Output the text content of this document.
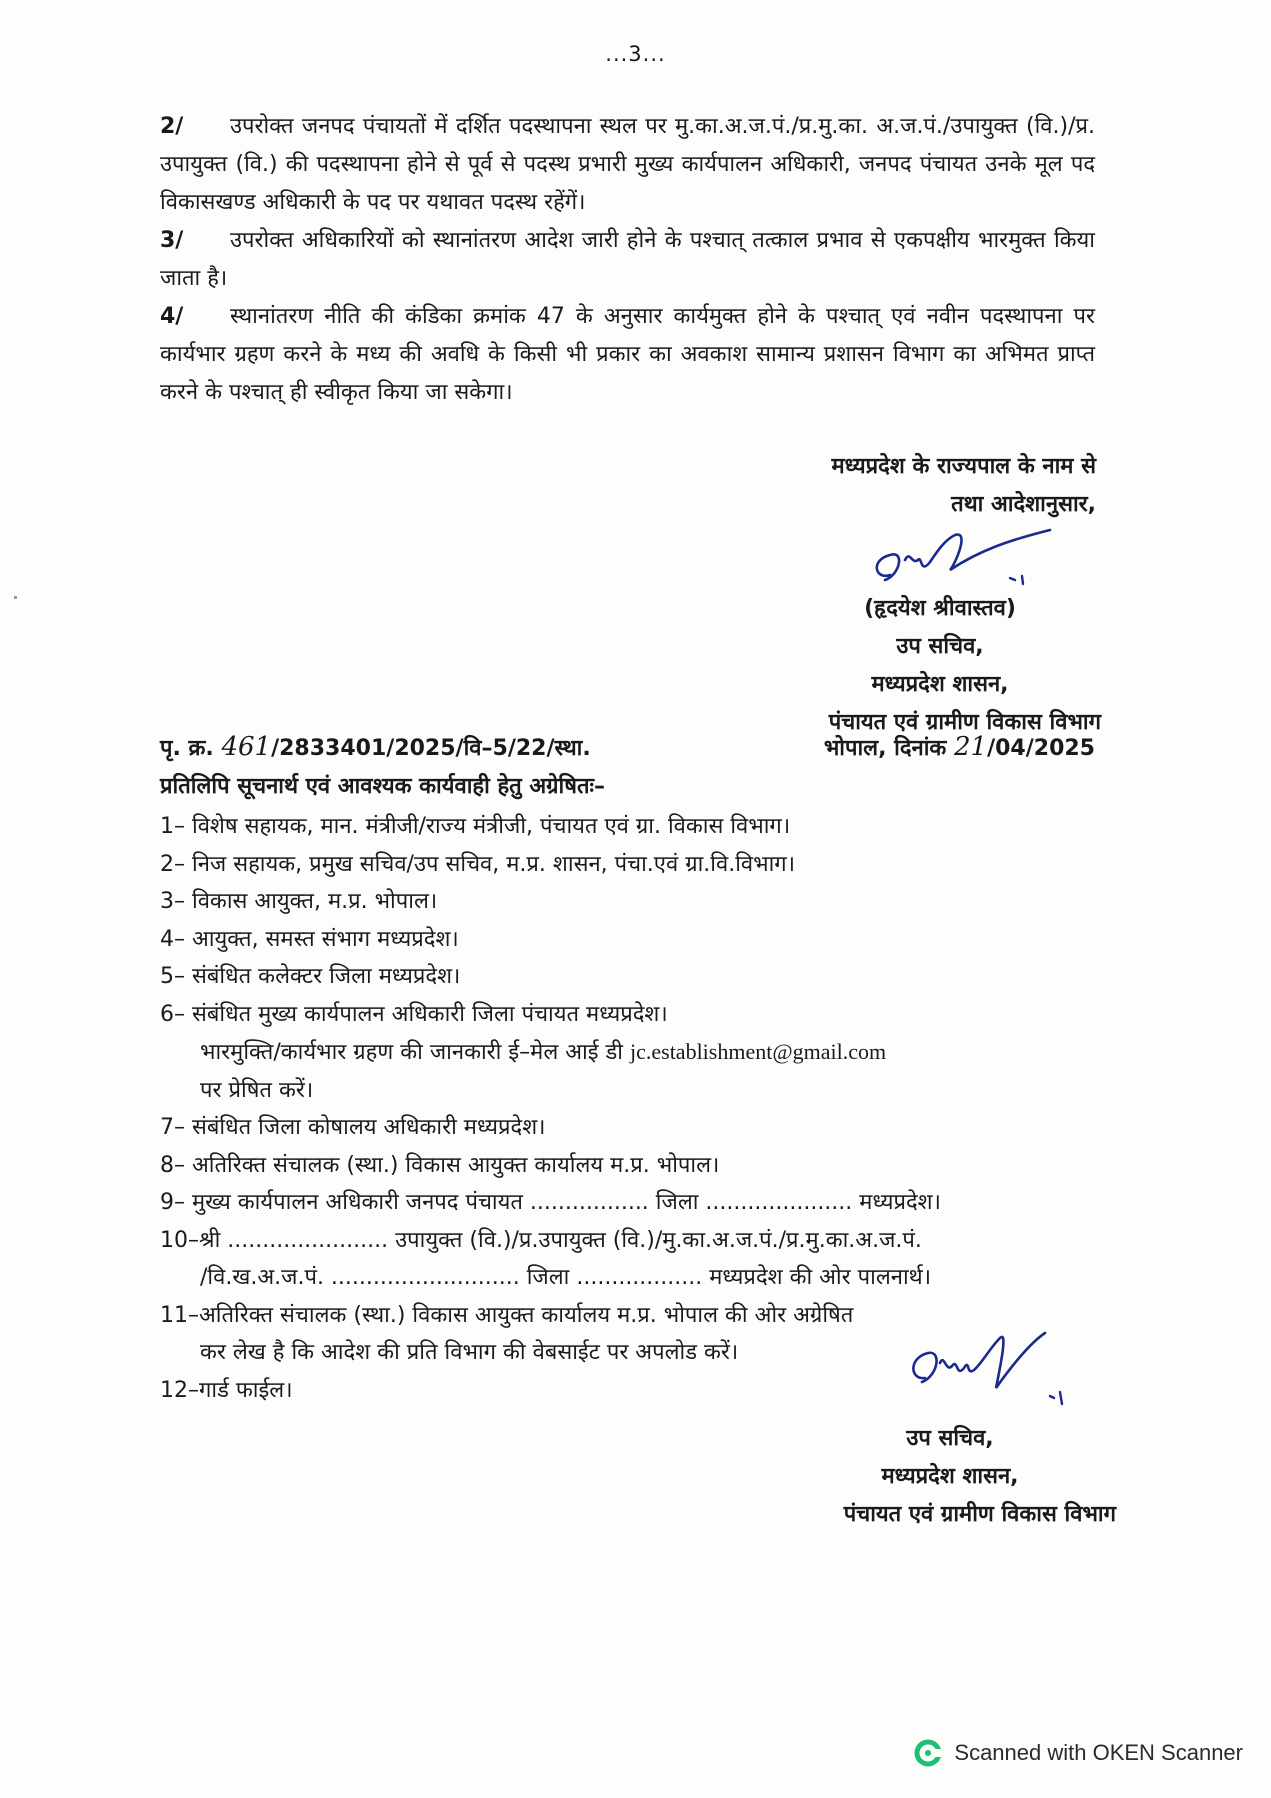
...3...

2/ उपरोक्त जनपद पंचायतों में दर्शित पदस्थापना स्थल पर मु.का.अ.ज.पं./प्र.मु.का. अ.ज.पं./उपायुक्त (वि.)/प्र. उपायुक्त (वि.) की पदस्थापना होने से पूर्व से पदस्थ प्रभारी मुख्य कार्यपालन अधिकारी, जनपद पंचायत उनके मूल पद विकासखण्ड अधिकारी के पद पर यथावत पदस्थ रहेंगें।

3/ उपरोक्त अधिकारियों को स्थानांतरण आदेश जारी होने के पश्चात् तत्काल प्रभाव से एकपक्षीय भारमुक्त किया जाता है।

4/ स्थानांतरण नीति की कंडिका क्रमांक 47 के अनुसार कार्यमुक्त होने के पश्चात् एवं नवीन पदस्थापना पर कार्यभार ग्रहण करने के मध्य की अवधि के किसी भी प्रकार का अवकाश सामान्य प्रशासन विभाग का अभिमत प्राप्त करने के पश्चात् ही स्वीकृत किया जा सकेगा।

मध्यप्रदेश के राज्यपाल के नाम से
तथा आदेशानुसार,
(हृदयेश श्रीवास्तव)
उप सचिव,
मध्यप्रदेश शासन,
पंचायत एवं ग्रामीण विकास विभाग
पृ. क्र. 461/2833401/2025/वि–5/22/स्था.	भोपाल, दिनांक 21/04/2025
प्रतिलिपि सूचनार्थ एवं आवश्यक कार्यवाही हेतु अग्रेषितः–
1– विशेष सहायक, मान. मंत्रीजी/राज्य मंत्रीजी, पंचायत एवं ग्रा. विकास विभाग।
2– निज सहायक, प्रमुख सचिव/उप सचिव, म.प्र. शासन, पंचा.एवं ग्रा.वि.विभाग।
3– विकास आयुक्त, म.प्र. भोपाल।
4– आयुक्त, समस्त संभाग मध्यप्रदेश।
5– संबंधित कलेक्टर जिला मध्यप्रदेश।
6– संबंधित मुख्य कार्यपालन अधिकारी जिला पंचायत मध्यप्रदेश।
भारमुक्ति/कार्यभार ग्रहण की जानकारी ई–मेल आई डी jc.establishment@gmail.com
पर प्रेषित करें।
7– संबंधित जिला कोषालय अधिकारी मध्यप्रदेश।
8– अतिरिक्त संचालक (स्था.) विकास आयुक्त कार्यालय म.प्र. भोपाल।
9– मुख्य कार्यपालन अधिकारी जनपद पंचायत ................. जिला ..................... मध्यप्रदेश।
10–श्री ....................... उपायुक्त (वि.)/प्र.उपायुक्त (वि.)/मु.का.अ.ज.पं./प्र.मु.का.अ.ज.पं.
/वि.ख.अ.ज.पं. ........................... जिला .................. मध्यप्रदेश की ओर पालनार्थ।
11–अतिरिक्त संचालक (स्था.) विकास आयुक्त कार्यालय म.प्र. भोपाल की ओर अग्रेषित
कर लेख है कि आदेश की प्रति विभाग की वेबसाईट पर अपलोड करें।
12–गार्ड फाईल।
उप सचिव,
मध्यप्रदेश शासन,
पंचायत एवं ग्रामीण विकास विभाग
Scanned with OKEN Scanner
